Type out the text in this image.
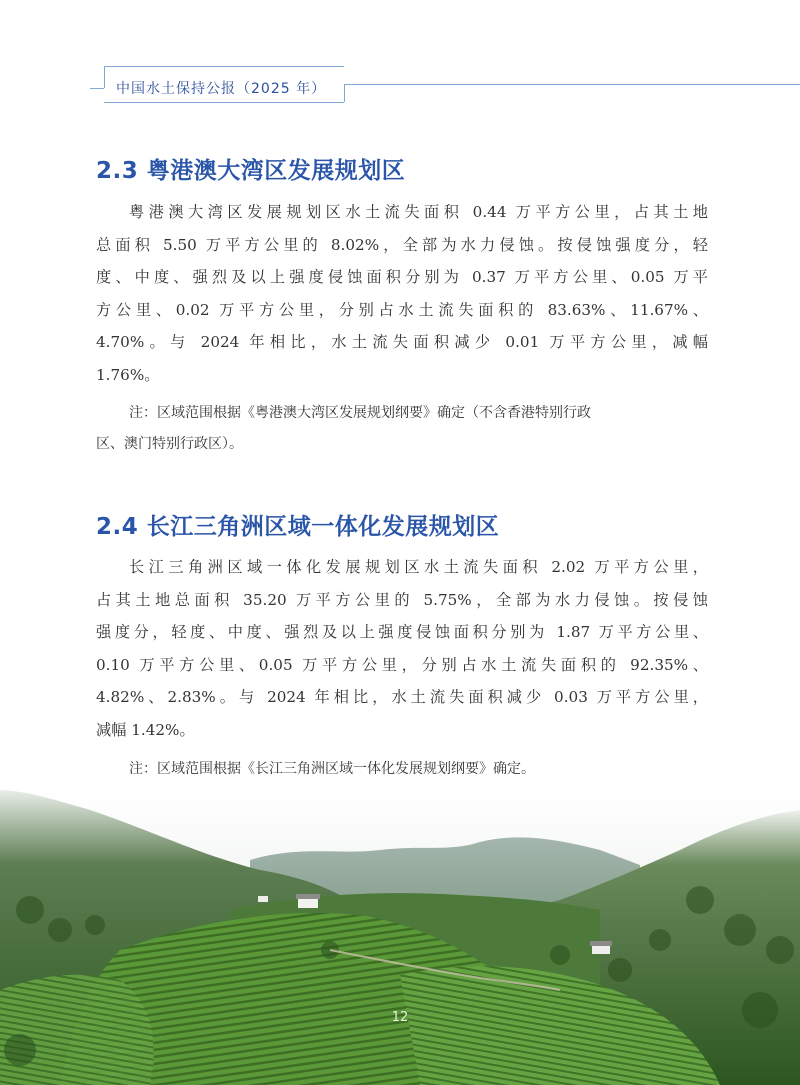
中国水土保持公报（2025 年）
2.3 粤港澳大湾区发展规划区
粤港澳大湾区发展规划区水土流失面积 0.44 万平方公里，占其土地
总面积 5.50 万平方公里的 8.02%，全部为水力侵蚀。按侵蚀强度分，轻
度、中度、强烈及以上强度侵蚀面积分别为 0.37 万平方公里、0.05 万平
方公里、0.02 万平方公里，分别占水土流失面积的 83.63%、11.67%、
4.70%。与 2024 年相比，水土流失面积减少 0.01 万平方公里，减幅
1.76%。
注：区域范围根据《粤港澳大湾区发展规划纲要》确定（不含香港特别行政
区、澳门特别行政区）。
2.4 长江三角洲区域一体化发展规划区
长江三角洲区域一体化发展规划区水土流失面积 2.02 万平方公里，
占其土地总面积 35.20 万平方公里的 5.75%，全部为水力侵蚀。按侵蚀
强度分，轻度、中度、强烈及以上强度侵蚀面积分别为 1.87 万平方公里、
0.10 万平方公里、0.05 万平方公里，分别占水土流失面积的 92.35%、
4.82%、2.83%。与 2024 年相比，水土流失面积减少 0.03 万平方公里，
减幅 1.42%。
注：区域范围根据《长江三角洲区域一体化发展规划纲要》确定。
12
